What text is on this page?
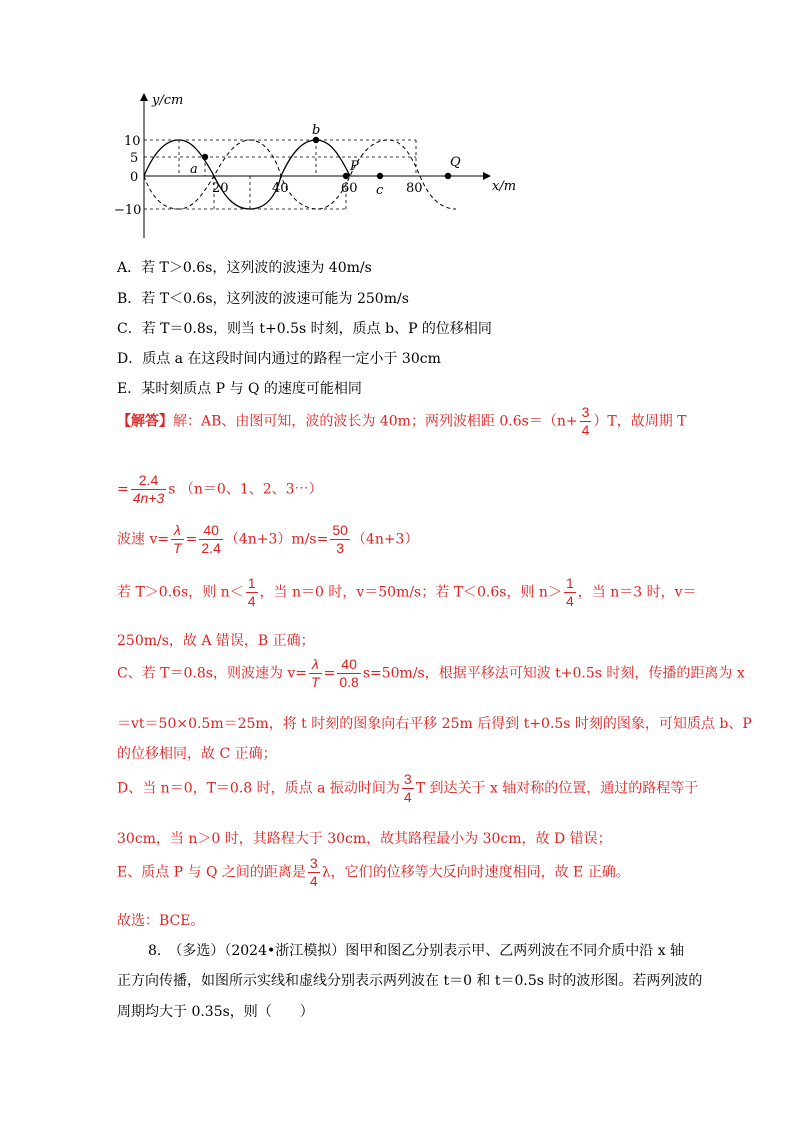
y/cm
x/m
10
5
0
−10
20	40	60	80
a
b
P
c
Q
A．若 T＞0.6s，这列波的波速为 40m/s
B．若 T＜0.6s，这列波的波速可能为 250m/s
C．若 T＝0.8s，则当 t+0.5s 时刻，质点 b、P 的位移相同
D．质点 a 在这段时间内通过的路程一定小于 30cm
E．某时刻质点 P 与 Q 的速度可能相同
【解答】解：AB、由图可知，波的波长为 40m；两列波相距 $0.6s=(n+ \frac{3}{4} )T$，故周期 T
= $\frac{2.4}{4n+3}$ s （n＝0、1、2、3⋯）
波速 $v= \frac{\lambda}{T} = \frac{40}{2.4} (4n+3)m/s= \frac{50}{3} (4n+3)$
若 T＞0.6s，则 $n< \frac{1}{4}$ ，当 n＝0 时，v＝50m/s；若 T＜0.6s，则 $n> \frac{1}{4}$ ，当 n＝3 时，v＝
250m/s，故 A 错误，B 正确；
C、若 T＝0.8s，则波速为 $v= \frac{\lambda}{T} = \frac{40}{0.8} s=50m/s$，根据平移法可知波 t+0.5s 时刻，传播的距离为 x
＝vt＝50×0.5m＝25m，将 t 时刻的图象向右平移 25m 后得到 t+0.5s 时刻的图象，可知质点 b、P
的位移相同，故 C 正确；
D、当 n＝0，T＝0.8 时，质点 a 振动时间为 $\frac{3}{4}$ T 到达关于 x 轴对称的位置，通过的路程等于
30cm，当 n＞0 时，其路程大于 30cm，故其路程最小为 30cm，故 D 错误；
E、质点 P 与 Q 之间的距离是 $\frac{3}{4}$ λ，它们的位移等大反向时速度相同，故 E 正确。
故选：BCE。
8.　（多选）（2024•浙江模拟）图甲和图乙分别表示甲、乙两列波在不同介质中沿 x 轴
正方向传播，如图所示实线和虚线分别表示两列波在 t＝0 和 t＝0.5s 时的波形图。若两列波的
周期均大于 0.35s，则（　　）
